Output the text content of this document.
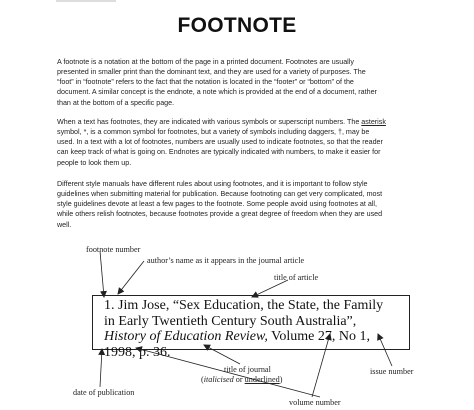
FOOTNOTE
A footnote is a notation at the bottom of the page in a printed document. Footnotes are usually
presented in smaller print than the dominant text, and they are used for a variety of purposes. The
“foot” in “footnote” refers to the fact that the notation is located in the “footer” or “bottom” of the
document. A similar concept is the endnote, a note which is provided at the end of a document, rather
than at the bottom of a specific page.
When a text has footnotes, they are indicated with various symbols or superscript numbers. The asterisk
symbol, *, is a common symbol for footnotes, but a variety of symbols including daggers, †, may be
used. In a text with a lot of footnotes, numbers are usually used to indicate footnotes, so that the reader
can keep track of what is going on. Endnotes are typically indicated with numbers, to make it easier for
people to look them up.
Different style manuals have different rules about using footnotes, and it is important to follow style
guidelines when submitting material for publication. Because footnoting can get very complicated, most
style guidelines devote at least a few pages to the footnote. Some people avoid using footnotes at all,
while others relish footnotes, because footnotes provide a great degree of freedom when they are used
well.
1. Jim Jose, “Sex Education, the State, the Family
in Early Twentieth Century South Australia”,
History of Education Review, Volume 27, No 1,
1998, p. 36.
footnote number
author’s name as it appears in the journal article
title of article
title of journal
(italicised or underlined)
issue number
date of publication
volume number
